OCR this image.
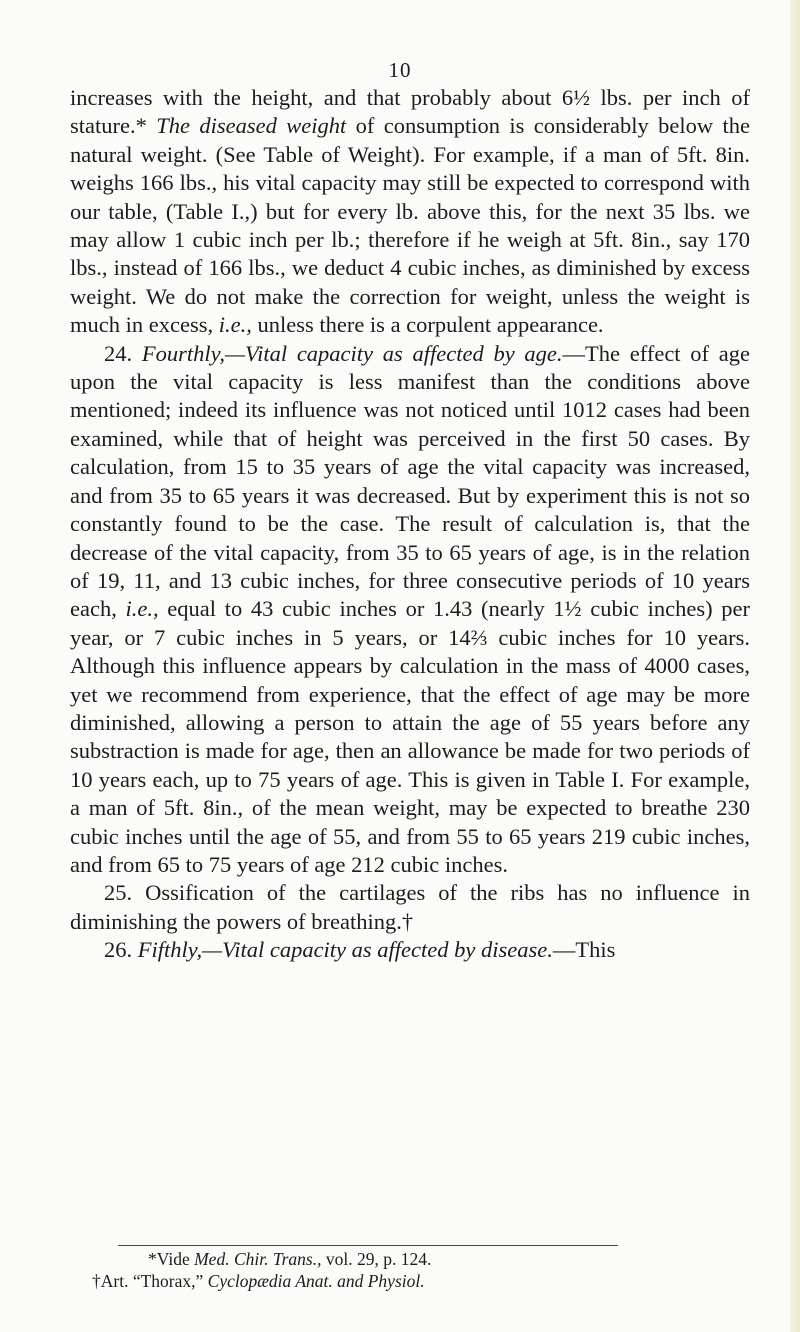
10

increases with the height, and that probably about 6½ lbs. per inch of stature.* The diseased weight of consumption is considerably below the natural weight. (See Table of Weight). For example, if a man of 5ft. 8in. weighs 166 lbs., his vital capacity may still be expected to correspond with our table, (Table I.,) but for every lb. above this, for the next 35 lbs. we may allow 1 cubic inch per lb.; therefore if he weigh at 5ft. 8in., say 170 lbs., instead of 166 lbs., we deduct 4 cubic inches, as diminished by excess weight. We do not make the correction for weight, unless the weight is much in excess, i.e., unless there is a corpulent appearance.

24. Fourthly,—Vital capacity as affected by age.—The effect of age upon the vital capacity is less manifest than the conditions above mentioned; indeed its influence was not noticed until 1012 cases had been examined, while that of height was perceived in the first 50 cases. By calculation, from 15 to 35 years of age the vital capacity was increased, and from 35 to 65 years it was decreased. But by experiment this is not so constantly found to be the case. The result of calculation is, that the decrease of the vital capacity, from 35 to 65 years of age, is in the relation of 19, 11, and 13 cubic inches, for three consecutive periods of 10 years each, i.e., equal to 43 cubic inches or 1.43 (nearly 1½ cubic inches) per year, or 7 cubic inches in 5 years, or 14⅔ cubic inches for 10 years. Although this influence appears by calculation in the mass of 4000 cases, yet we recommend from experience, that the effect of age may be more diminished, allowing a person to attain the age of 55 years before any substraction is made for age, then an allowance be made for two periods of 10 years each, up to 75 years of age. This is given in Table I. For example, a man of 5ft. 8in., of the mean weight, may be expected to breathe 230 cubic inches until the age of 55, and from 55 to 65 years 219 cubic inches, and from 65 to 75 years of age 212 cubic inches.

25. Ossification of the cartilages of the ribs has no influence in diminishing the powers of breathing.†

26. Fifthly,—Vital capacity as affected by disease.—This

*Vide Med. Chir. Trans., vol. 29, p. 124.

†Art. “Thorax,” Cyclopædia Anat. and Physiol.
